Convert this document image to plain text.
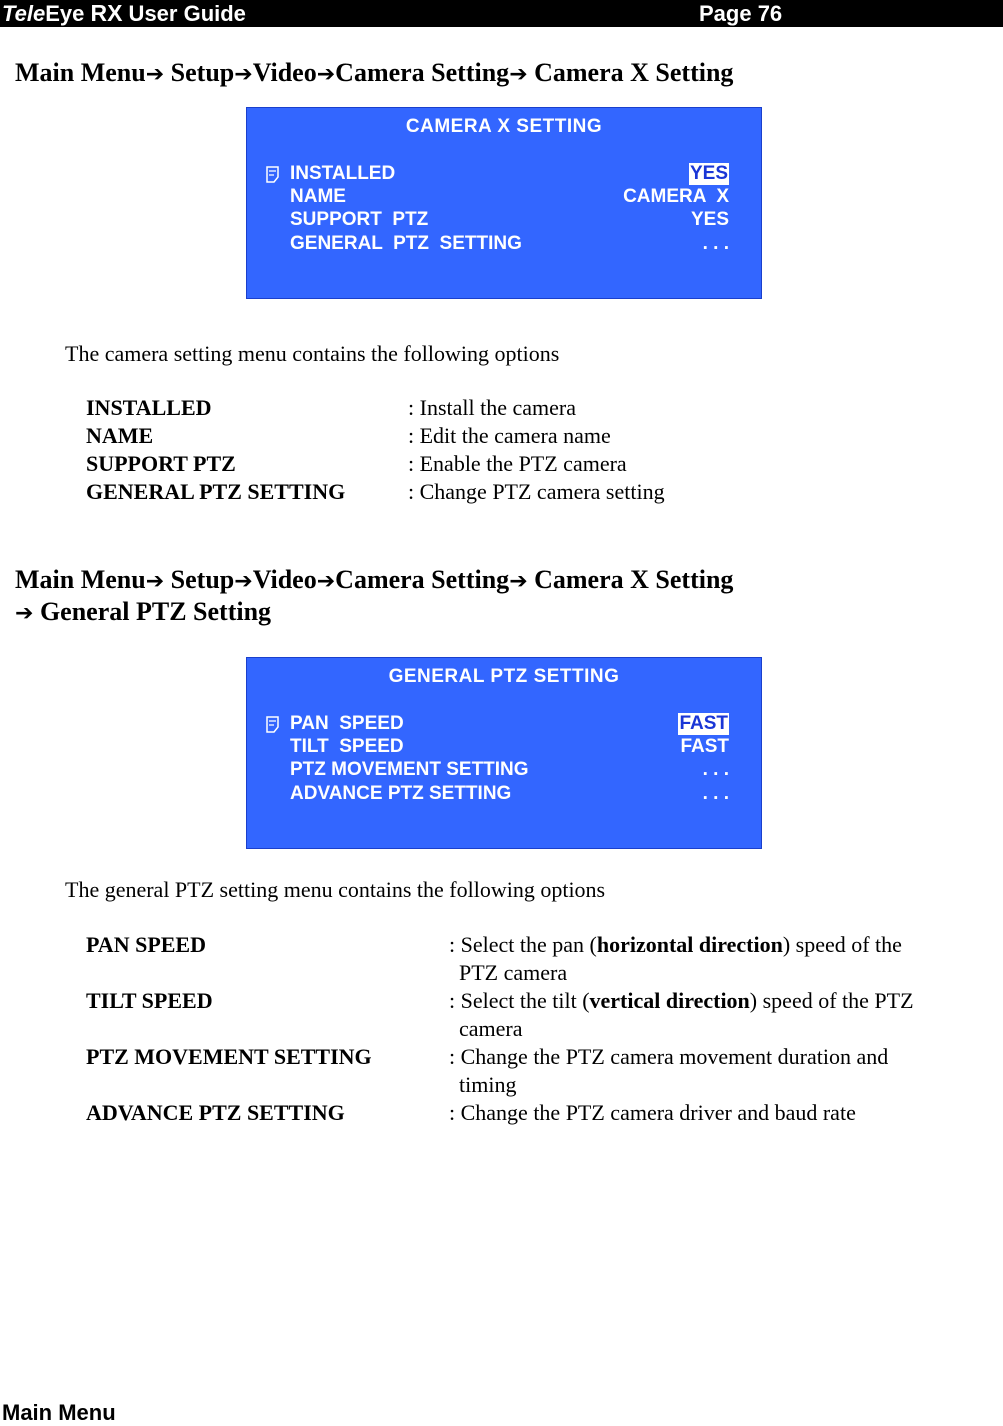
TeleEye RX User Guide	Page 76
Main Menu➔ Setup➔Video➔Camera Setting➔ Camera X Setting
CAMERA X SETTING
INSTALLED	YES
NAME	CAMERA  X
SUPPORT  PTZ	YES
GENERAL  PTZ  SETTING	. . .
The camera setting menu contains the following options
INSTALLED	: Install the camera
NAME	: Edit the camera name
SUPPORT PTZ	: Enable the PTZ camera
GENERAL PTZ SETTING	: Change PTZ camera setting
Main Menu➔ Setup➔Video➔Camera Setting➔ Camera X Setting
➔ General PTZ Setting
GENERAL PTZ SETTING
PAN  SPEED	FAST
TILT  SPEED	FAST
PTZ MOVEMENT SETTING	. . .
ADVANCE PTZ SETTING	. . .
The general PTZ setting menu contains the following options
PAN SPEED	: Select the pan (horizontal direction) speed of the
PTZ camera
TILT SPEED	: Select the tilt (vertical direction) speed of the PTZ
camera
PTZ MOVEMENT SETTING	: Change the PTZ camera movement duration and
timing
ADVANCE PTZ SETTING	: Change the PTZ camera driver and baud rate
Main Menu
